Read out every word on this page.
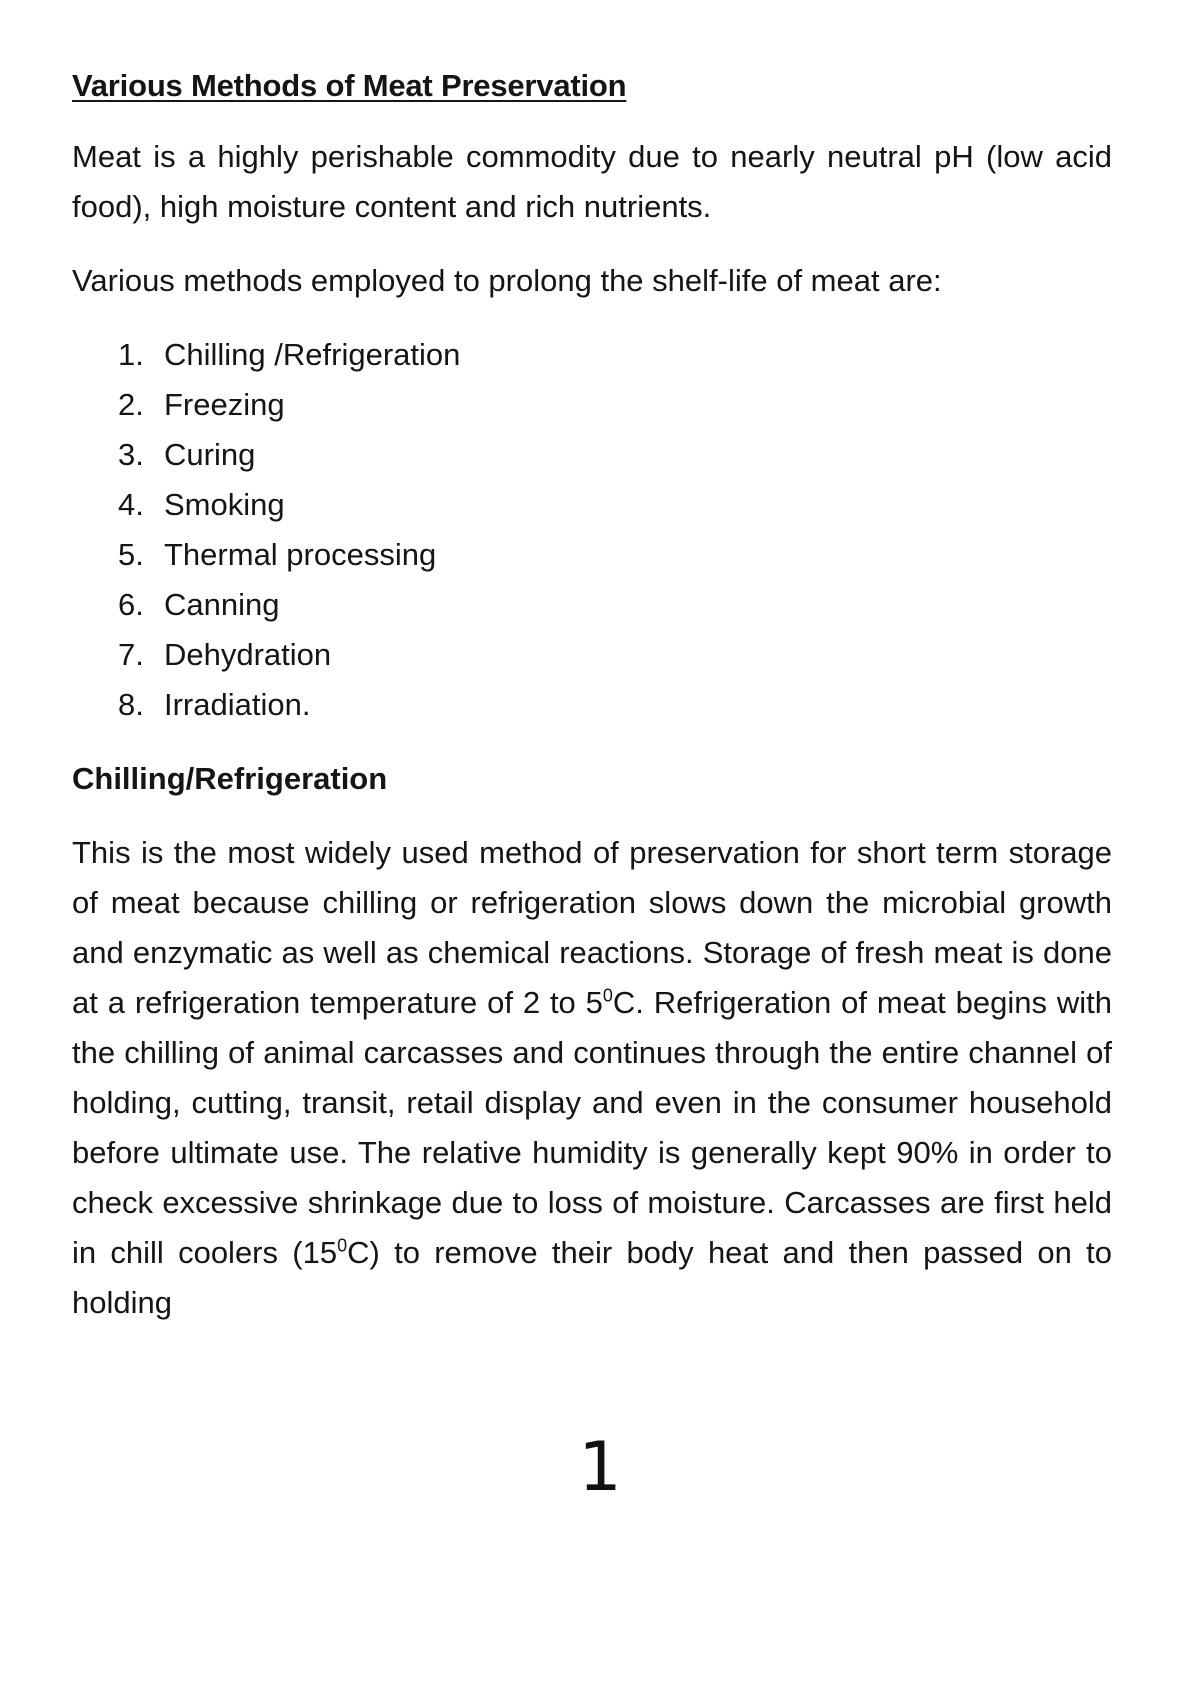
Various Methods of Meat Preservation

Meat is a highly perishable commodity due to nearly neutral pH (low acid food), high moisture content and rich nutrients.

Various methods employed to prolong the shelf-life of meat are:

1. Chilling /Refrigeration
2. Freezing
3. Curing
4. Smoking
5. Thermal processing
6. Canning
7. Dehydration
8. Irradiation.
Chilling/Refrigeration

This is the most widely used method of preservation for short term storage of meat because chilling or refrigeration slows down the microbial growth and enzymatic as well as chemical reactions. Storage of fresh meat is done at a refrigeration temperature of 2 to $5^0C$. Refrigeration of meat begins with the chilling of animal carcasses and continues through the entire channel of holding, cutting, transit, retail display and even in the consumer household before ultimate use. The relative humidity is generally kept 90% in order to check excessive shrinkage due to loss of moisture. Carcasses are first held in chill coolers $(15^0C)$ to remove their body heat and then passed on to holding

1
